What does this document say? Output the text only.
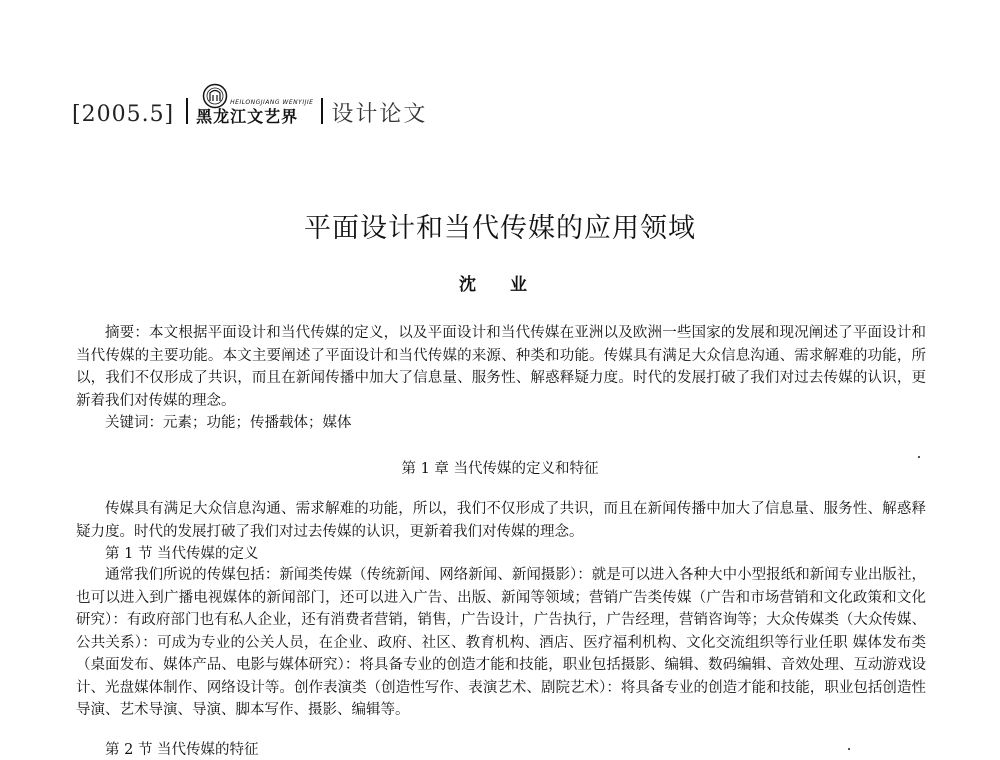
[2005.5]	HEILONGJIANG WENYIJIE
黑龙江文艺界 设计论文
平面设计和当代传媒的应用领域
沈 业

摘要：本文根据平面设计和当代传媒的定义，以及平面设计和当代传媒在亚洲以及欧洲一些国家的发展和现况阐述了平面设计和当代传媒的主要功能。本文主要阐述了平面设计和当代传媒的来源、种类和功能。传媒具有满足大众信息沟通、需求解难的功能，所以，我们不仅形成了共识，而且在新闻传播中加大了信息量、服务性、解惑释疑力度。时代的发展打破了我们对过去传媒的认识，更新着我们对传媒的理念。

关键词：元素；功能；传播载体；媒体
第 1 章 当代传媒的定义和特征

传媒具有满足大众信息沟通、需求解难的功能，所以，我们不仅形成了共识，而且在新闻传播中加大了信息量、服务性、解惑释疑力度。时代的发展打破了我们对过去传媒的认识，更新着我们对传媒的理念。

第 1 节 当代传媒的定义

通常我们所说的传媒包括：新闻类传媒（传统新闻、网络新闻、新闻摄影）：就是可以进入各种大中小型报纸和新闻专业出版社，也可以进入到广播电视媒体的新闻部门，还可以进入广告、出版、新闻等领域；营销广告类传媒（广告和市场营销和文化政策和文化研究）：有政府部门也有私人企业，还有消费者营销，销售，广告设计，广告执行，广告经理，营销咨询等；大众传媒类（大众传媒、公共关系）：可成为专业的公关人员，在企业、政府、社区、教育机构、酒店、医疗福利机构、文化交流组织等行业任职 媒体发布类（桌面发布、媒体产品、电影与媒体研究）：将具备专业的创造才能和技能，职业包括摄影、编辑、数码编辑、音效处理、互动游戏设计、光盘媒体制作、网络设计等。创作表演类（创造性写作、表演艺术、剧院艺术）：将具备专业的创造才能和技能，职业包括创造性导演、艺术导演、导演、脚本写作、摄影、编辑等。

第 2 节 当代传媒的特征
